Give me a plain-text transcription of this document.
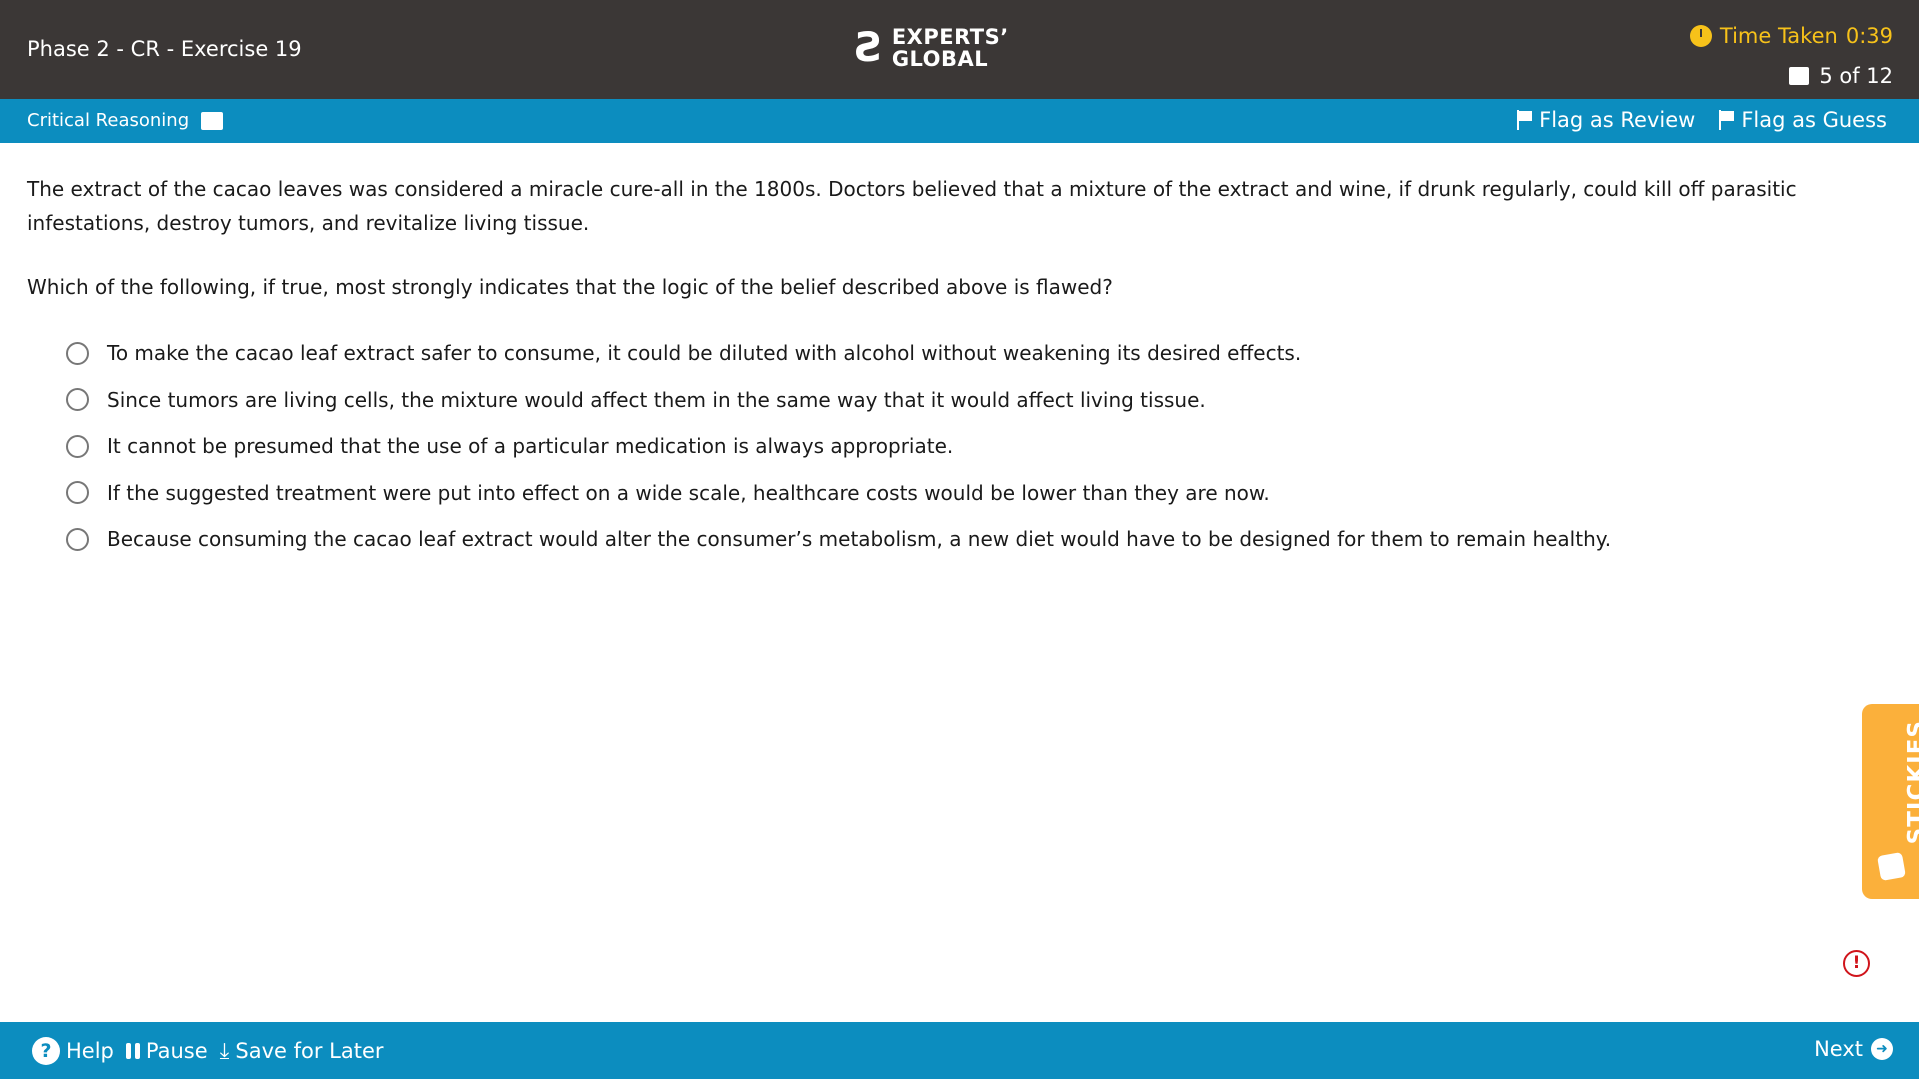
Phase 2 - CR - Exercise 19	Ƨ EXPERTS’
GLOBAL
Time Taken 0:39
5 of 12
Critical Reasoning	Flag as Review Flag as Guess
The extract of the cacao leaves was considered a miracle cure-all in the 1800s. Doctors believed that a mixture of the extract and wine, if drunk regularly, could kill off parasitic infestations, destroy tumors, and revitalize living tissue.
Which of the following, if true, most strongly indicates that the logic of the belief described above is flawed?
To make the cacao leaf extract safer to consume, it could be diluted with alcohol without weakening its desired effects.
Since tumors are living cells, the mixture would affect them in the same way that it would affect living tissue.
It cannot be presumed that the use of a particular medication is always appropriate.
If the suggested treatment were put into effect on a wide scale, healthcare costs would be lower than they are now.
Because consuming the cacao leaf extract would alter the consumer’s metabolism, a new diet would have to be designed for them to remain healthy.
STICKIES
!
? Help Pause ⤓ Save for Later	Next ➜
